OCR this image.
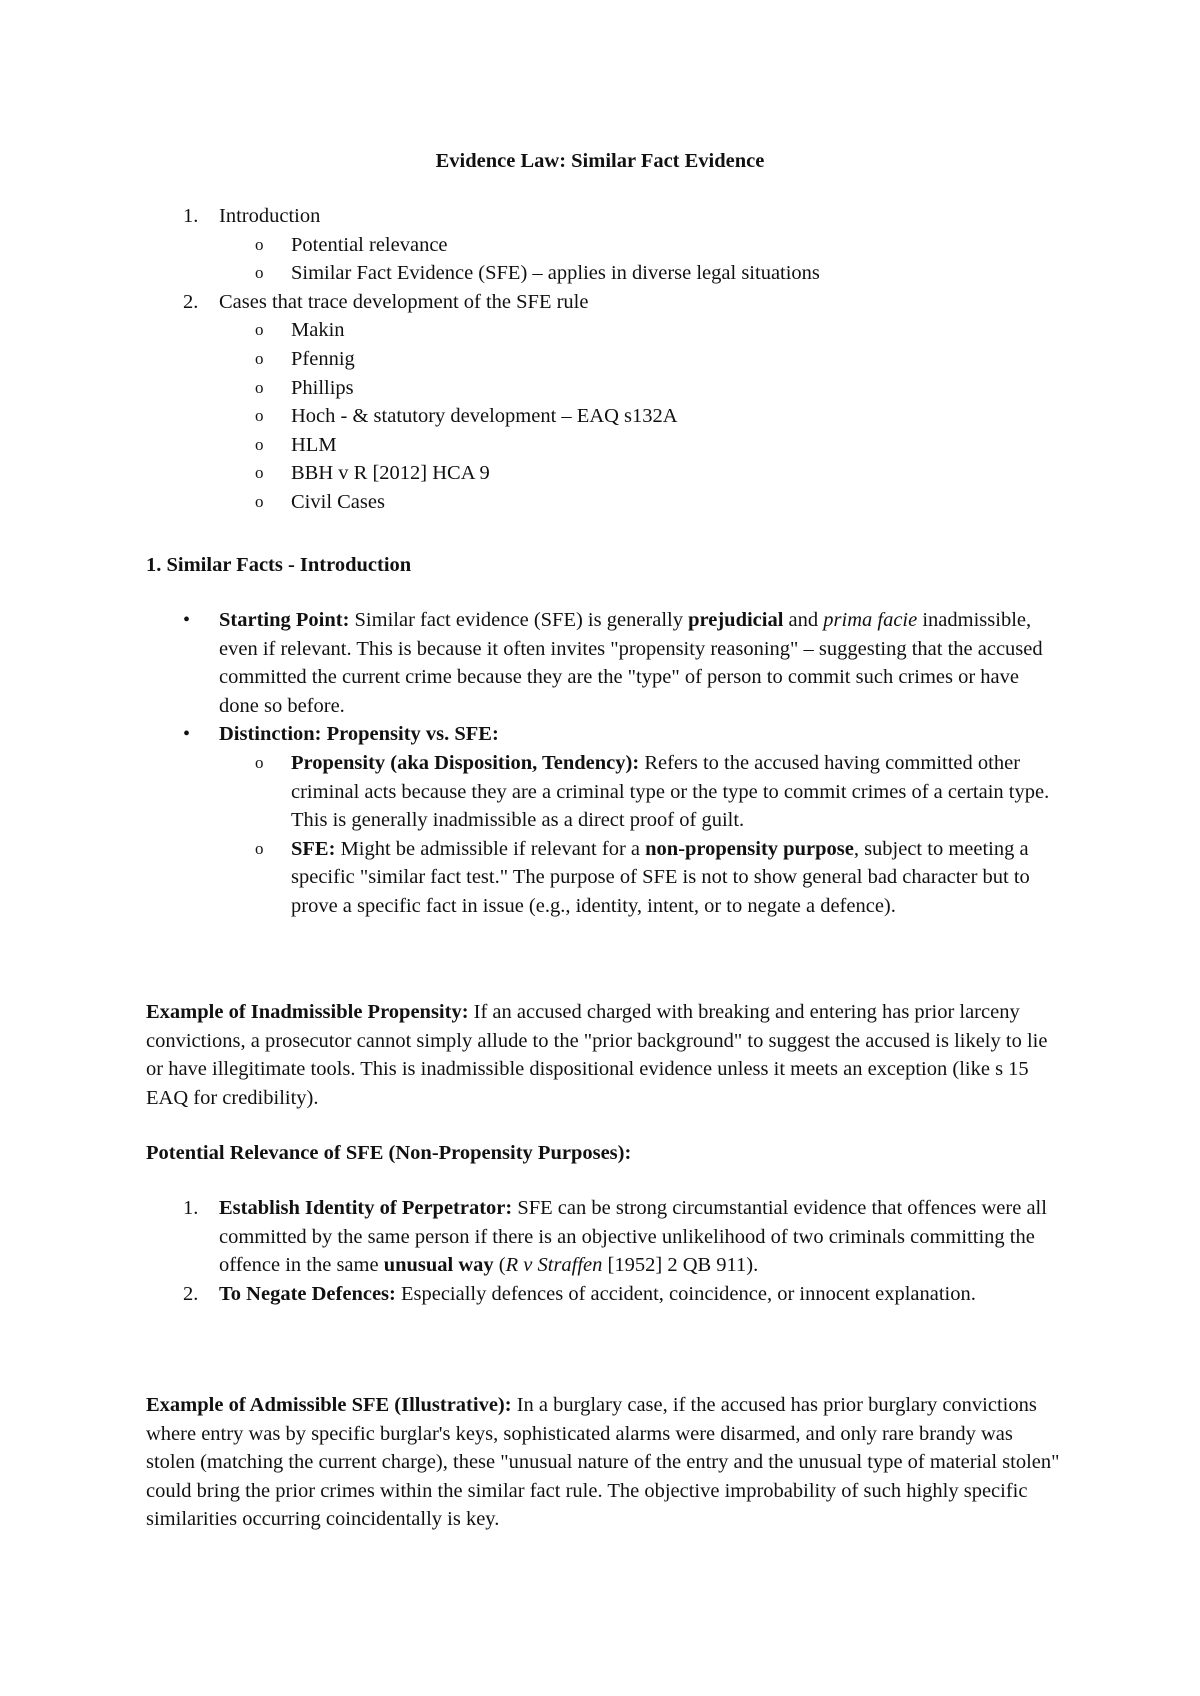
Evidence Law: Similar Fact Evidence
1. Introduction
o Potential relevance
o Similar Fact Evidence (SFE) – applies in diverse legal situations
2. Cases that trace development of the SFE rule
o Makin
o Pfennig
o Phillips
o Hoch - & statutory development – EAQ s132A
o HLM
o BBH v R [2012] HCA 9
o Civil Cases
1. Similar Facts - Introduction
• Starting Point: Similar fact evidence (SFE) is generally prejudicial and prima facie inadmissible, even if relevant. This is because it often invites "propensity reasoning" – suggesting that the accused committed the current crime because they are the "type" of person to commit such crimes or have done so before.
• Distinction: Propensity vs. SFE:
o Propensity (aka Disposition, Tendency): Refers to the accused having committed other criminal acts because they are a criminal type or the type to commit crimes of a certain type. This is generally inadmissible as a direct proof of guilt.
o SFE: Might be admissible if relevant for a non-propensity purpose, subject to meeting a specific "similar fact test." The purpose of SFE is not to show general bad character but to prove a specific fact in issue (e.g., identity, intent, or to negate a defence).

Example of Inadmissible Propensity: If an accused charged with breaking and entering has prior larceny convictions, a prosecutor cannot simply allude to the "prior background" to suggest the accused is likely to lie or have illegitimate tools. This is inadmissible dispositional evidence unless it meets an exception (like s 15 EAQ for credibility).

Potential Relevance of SFE (Non-Propensity Purposes):

1. Establish Identity of Perpetrator: SFE can be strong circumstantial evidence that offences were all committed by the same person if there is an objective unlikelihood of two criminals committing the offence in the same unusual way (R v Straffen [1952] 2 QB 911).
2. To Negate Defences: Especially defences of accident, coincidence, or innocent explanation.

Example of Admissible SFE (Illustrative): In a burglary case, if the accused has prior burglary convictions where entry was by specific burglar's keys, sophisticated alarms were disarmed, and only rare brandy was stolen (matching the current charge), these "unusual nature of the entry and the unusual type of material stolen" could bring the prior crimes within the similar fact rule. The objective improbability of such highly specific similarities occurring coincidentally is key.
